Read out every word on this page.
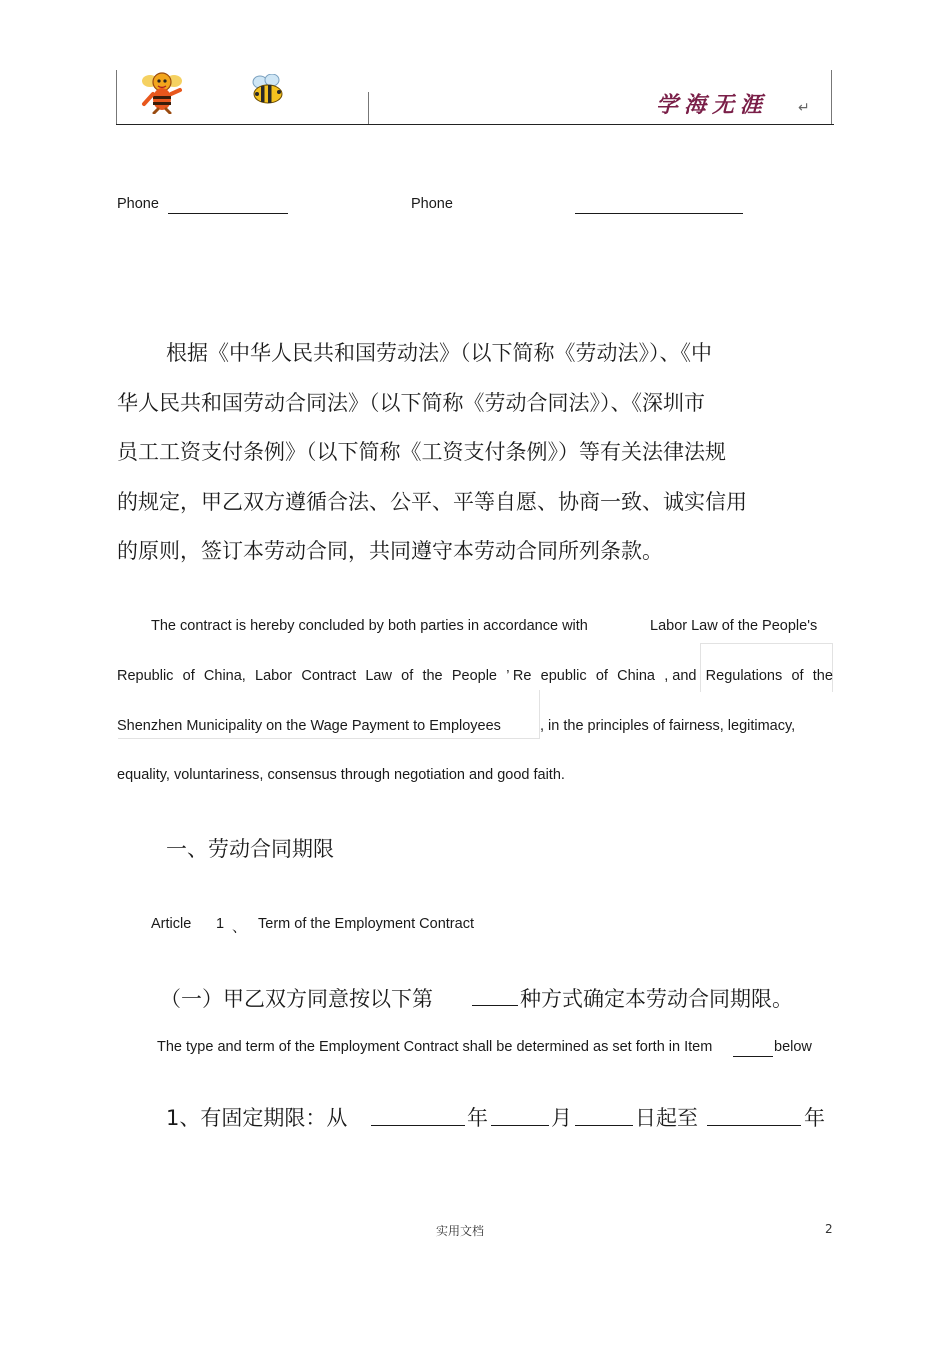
学海无涯 ↵
Phone	Phone
根据《中华人民共和国劳动法》（以下简称《劳动法》）、《中
华人民共和国劳动合同法》（以下简称《劳动合同法》）、《深圳市
员工工资支付条例》（以下简称《工资支付条例》）等有关法律法规
的规定，甲乙双方遵循合法、公平、平等自愿、协商一致、诚实信用
的原则，签订本劳动合同，共同遵守本劳动合同所列条款。
The contract is hereby concluded by both parties in accordance with	Labor Law of the People's
Republic of China, Labor Contract Law of the People ’ Re epublic of China , and Regulations of the
Shenzhen Municipality on the Wage Payment to Employees	, in the principles of fairness, legitimacy,
equality, voluntariness, consensus through negotiation and good faith.
一、劳动合同期限
Article 1 、 Term of the Employment Contract
（一）甲乙双方同意按以下第	种方式确定本劳动合同期限。
The type and term of the Employment Contract shall be determined as set forth in Item	below
1、有固定期限：从	年	月	日起至	年
实用文档	2
